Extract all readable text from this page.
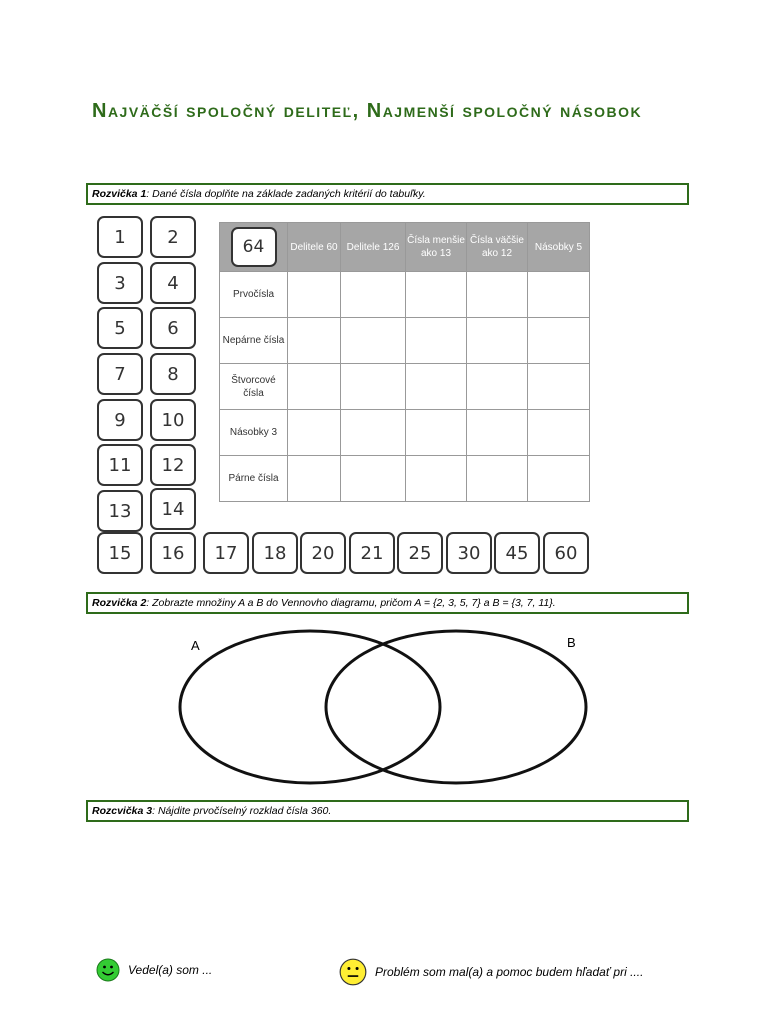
Najväčší spoločný deliteľ, Najmenší spoločný násobok
Rozvička 1: Dané čísla doplňte na základe zadaných kritérií do tabuľky.
1	2
3	4
5	6
7	8
9	10
11	12
13	14
15	16	17	18	20	21	25	30	45	60
64	Delitele 60	Delitele 126	Čísla menšie ako 13	Čísla väčšie ako 12	Násobky 5
Prvočísla					
Nepárne čísla					
Štvorcové čísla					
Násobky 3					
Párne čísla					
Rozvička 2: Zobrazte množiny A a B do Vennovho diagramu, pričom A = {2, 3, 5, 7} a B = {3, 7, 11}.
A	B
Rozcvička 3: Nájdite prvočíselný rozklad čísla 360.
Vedel(a) som ...	Problém som mal(a) a pomoc budem hľadať pri ....
